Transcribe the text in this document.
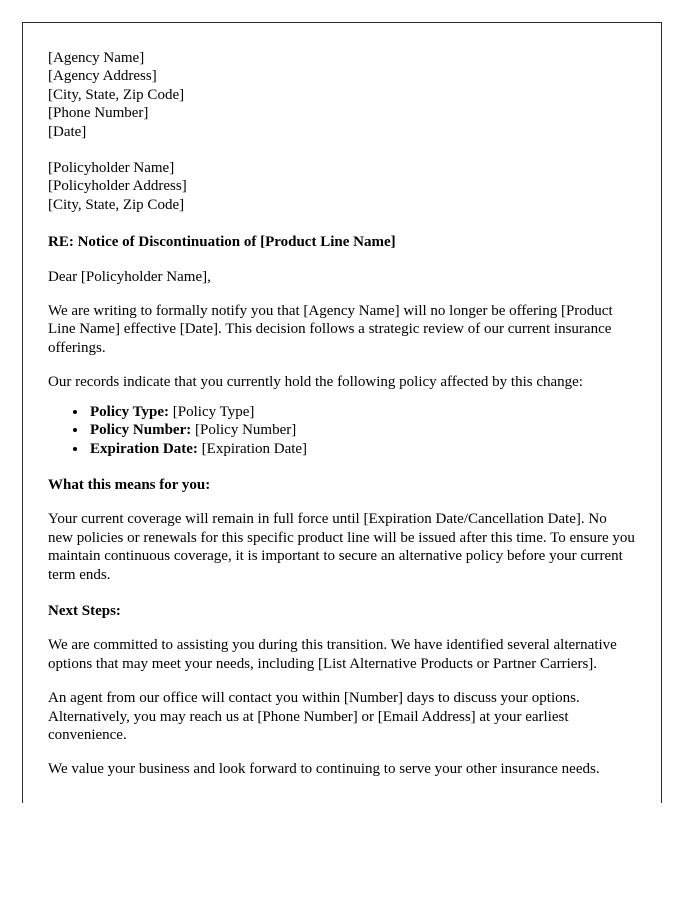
[Agency Name]
[Agency Address]
[City, State, Zip Code]
[Phone Number]
[Date]
[Policyholder Name]
[Policyholder Address]
[City, State, Zip Code]
RE: Notice of Discontinuation of [Product Line Name]
Dear [Policyholder Name],

We are writing to formally notify you that [Agency Name] will no longer be offering [Product Line Name] effective [Date]. This decision follows a strategic review of our current insurance offerings.

Our records indicate that you currently hold the following policy affected by this change:

• Policy Type: [Policy Type]
• Policy Number: [Policy Number]
• Expiration Date: [Expiration Date]
What this means for you:

Your current coverage will remain in full force until [Expiration Date/Cancellation Date]. No new policies or renewals for this specific product line will be issued after this time. To ensure you maintain continuous coverage, it is important to secure an alternative policy before your current term ends.

Next Steps:

We are committed to assisting you during this transition. We have identified several alternative options that may meet your needs, including [List Alternative Products or Partner Carriers].

An agent from our office will contact you within [Number] days to discuss your options. Alternatively, you may reach us at [Phone Number] or [Email Address] at your earliest convenience.

We value your business and look forward to continuing to serve your other insurance needs.
